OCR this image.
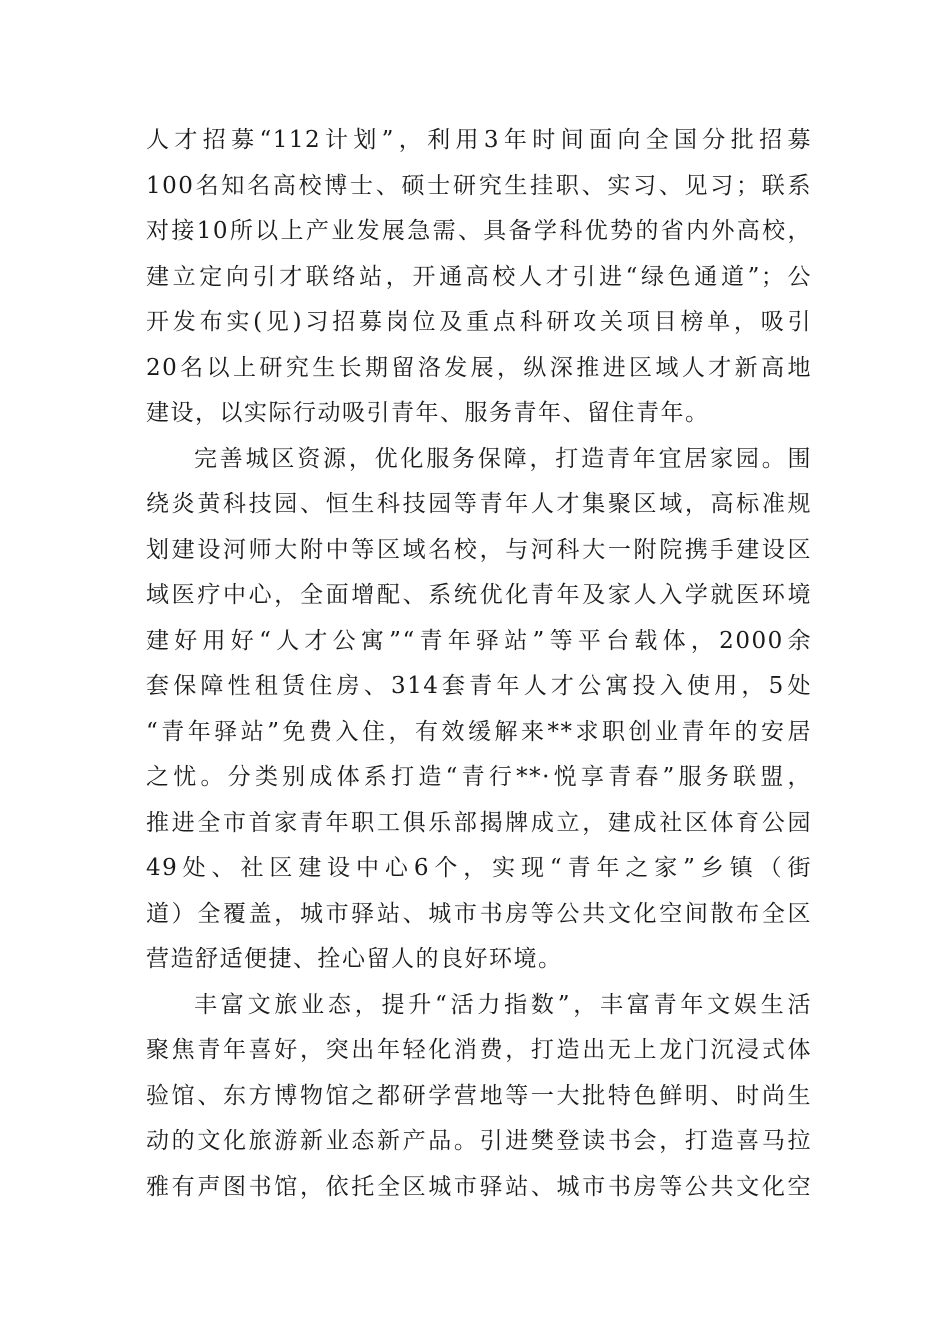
人才招募“112计划”，利用3年时间面向全国分批招募
100名知名高校博士、硕士研究生挂职、实习、见习；联系
对接10所以上产业发展急需、具备学科优势的省内外高校，
建立定向引才联络站，开通高校人才引进“绿色通道”；公
开发布实(见)习招募岗位及重点科研攻关项目榜单，吸引
20名以上研究生长期留洛发展，纵深推进区域人才新高地
建设，以实际行动吸引青年、服务青年、留住青年。
完善城区资源，优化服务保障，打造青年宜居家园。围
绕炎黄科技园、恒生科技园等青年人才集聚区域，高标准规
划建设河师大附中等区域名校，与河科大一附院携手建设区
域医疗中心，全面增配、系统优化青年及家人入学就医环境
建好用好“人才公寓”“青年驿站”等平台载体，2000余
套保障性租赁住房、314套青年人才公寓投入使用，5处
“青年驿站”免费入住，有效缓解来**求职创业青年的安居
之忧。分类别成体系打造“青行**·悦享青春”服务联盟，
推进全市首家青年职工俱乐部揭牌成立，建成社区体育公园
49处、社区建设中心6个，实现“青年之家”乡镇（街
道）全覆盖，城市驿站、城市书房等公共文化空间散布全区
营造舒适便捷、拴心留人的良好环境。
丰富文旅业态，提升“活力指数”，丰富青年文娱生活
聚焦青年喜好，突出年轻化消费，打造出无上龙门沉浸式体
验馆、东方博物馆之都研学营地等一大批特色鲜明、时尚生
动的文化旅游新业态新产品。引进樊登读书会，打造喜马拉
雅有声图书馆，依托全区城市驿站、城市书房等公共文化空
